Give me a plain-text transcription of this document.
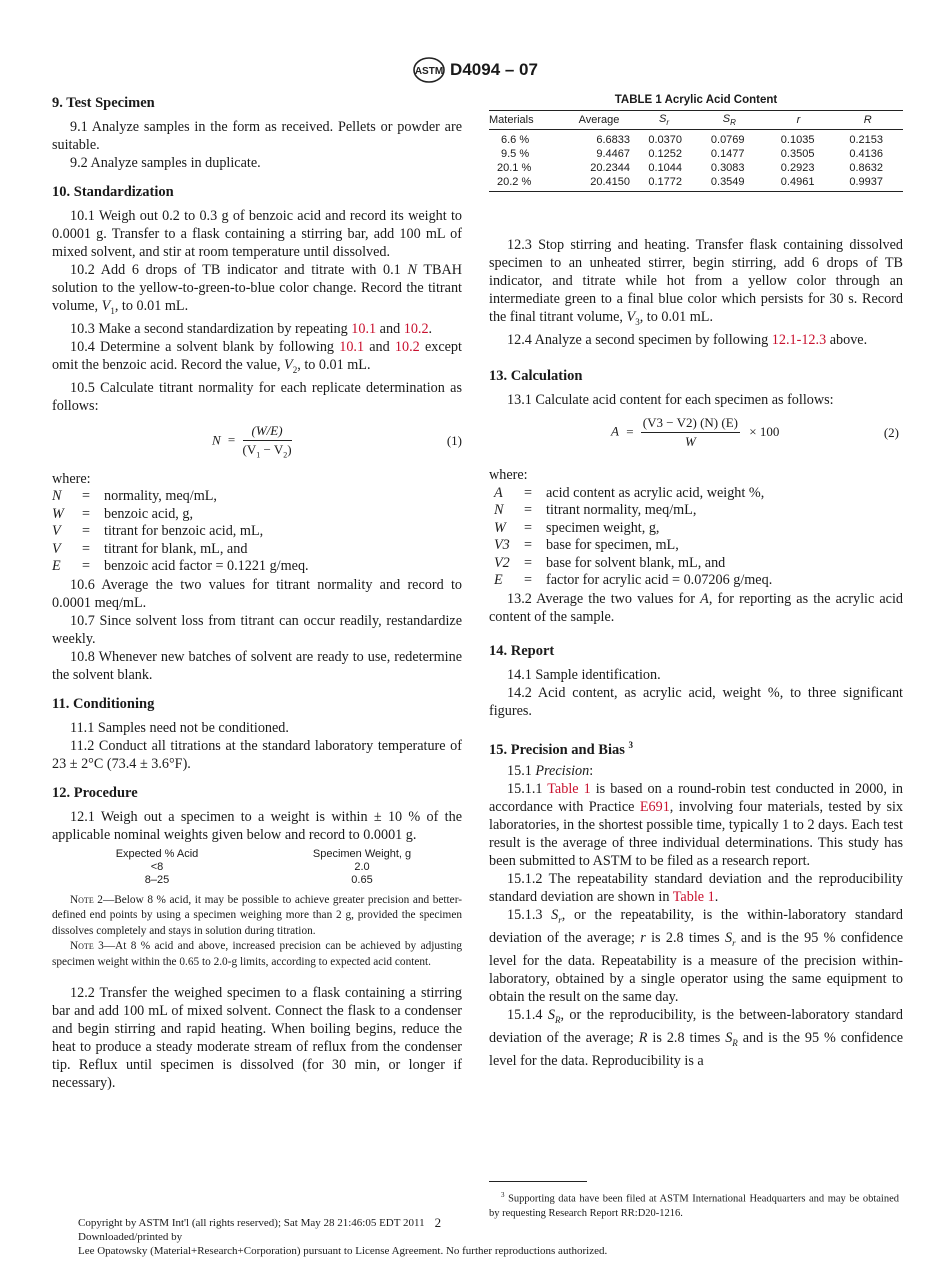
ASTM D4094 – 07

9. Test Specimen

9.1 Analyze samples in the form as received. Pellets or powder are suitable.

9.2 Analyze samples in duplicate.

10. Standardization

10.1 Weigh out 0.2 to 0.3 g of benzoic acid and record its weight to 0.0001 g. Transfer to a flask containing a stirring bar, add 100 mL of mixed solvent, and stir at room temperature until dissolved.

10.2 Add 6 drops of TB indicator and titrate with 0.1 N TBAH solution to the yellow-to-green-to-blue color change. Record the titrant volume, $V_1$, to 0.01 mL.

10.3 Make a second standardization by repeating 10.1 and 10.2.

10.4 Determine a solvent blank by following 10.1 and 10.2 except omit the benzoic acid. Record the value, $V_2$, to 0.01 mL.

10.5 Calculate titrant normality for each replicate determination as follows:

$N = \frac{(W/E)}{(V_1 - V_2)}$	(1)
where:
N	= normality, meq/mL,
W	= benzoic acid, g,
V	= titrant for benzoic acid, mL,
V	= titrant for blank, mL, and
E	= benzoic acid factor = 0.1221 g/meq.

10.6 Average the two values for titrant normality and record to 0.0001 meq/mL.

10.7 Since solvent loss from titrant can occur readily, restandardize weekly.

10.8 Whenever new batches of solvent are ready to use, redetermine the solvent blank.

11. Conditioning

11.1 Samples need not be conditioned.

11.2 Conduct all titrations at the standard laboratory temperature of 23 ± 2°C (73.4 ± 3.6°F).

12. Procedure

12.1 Weigh out a specimen to a weight is within ± 10 % of the applicable nominal weights given below and record to 0.0001 g.

Expected % Acid	Specimen Weight, g
<8	2.0
8–25	0.65

Note 2—Below 8 % acid, it may be possible to achieve greater precision and better-defined end points by using a specimen weighing more than 2 g, provided the specimen dissolves completely and stays in solution during titration.

Note 3—At 8 % acid and above, increased precision can be achieved by adjusting specimen weight within the 0.65 to 2.0-g limits, according to expected acid content.

12.2 Transfer the weighed specimen to a flask containing a stirring bar and add 100 mL of mixed solvent. Connect the flask to a condenser and begin stirring and rapid heating. When boiling begins, reduce the heat to produce a steady moderate stream of reflux from the condenser tip. Reflux until specimen is dissolved (for 30 min, or longer if necessary).

TABLE 1 Acrylic Acid Content
Materials	Average	$S_r$	$S_R$	r	R
6.6 %	6.6833	0.0370	0.0769	0.1035	0.2153
9.5 %	9.4467	0.1252	0.1477	0.3505	0.4136
20.1 %	20.2344	0.1044	0.3083	0.2923	0.8632
20.2 %	20.4150	0.1772	0.3549	0.4961	0.9937

12.3 Stop stirring and heating. Transfer flask containing dissolved specimen to an unheated stirrer, begin stirring, add 6 drops of TB indicator, and titrate while hot from a yellow color through an intermediate green to a final blue color which persists for 30 s. Record the final titrant volume, $V_3$, to 0.01 mL.

12.4 Analyze a second specimen by following 12.1-12.3 above.

13. Calculation

13.1 Calculate acid content for each specimen as follows:

$A = \frac{(V3 - V2) (N) (E)}{W} \times 100$	(2)
where:
A	= acid content as acrylic acid, weight %,
N	= titrant normality, meq/mL,
W	= specimen weight, g,
V3	= base for specimen, mL,
V2	= base for solvent blank, mL, and
E	= factor for acrylic acid = 0.07206 g/meq.

13.2 Average the two values for A, for reporting as the acrylic acid content of the sample.

14. Report

14.1 Sample identification.

14.2 Acid content, as acrylic acid, weight %, to three significant figures.

15. Precision and Bias $^3$

15.1 Precision:

15.1.1 Table 1 is based on a round-robin test conducted in 2000, in accordance with Practice E691, involving four materials, tested by six laboratories, in the shortest possible time, typically 1 to 2 days. Each test result is the average of three individual determinations. This study has been submitted to ASTM to be filed as a research report.

15.1.2 The repeatability standard deviation and the reproducibility standard deviation are shown in Table 1.

15.1.3 $S_r$, or the repeatability, is the within-laboratory standard deviation of the average; r is 2.8 times $S_r$ and is the 95 % confidence level for the data. Repeatability is a measure of the precision within-laboratory, obtained by a single operator using the same equipment to obtain the result on the same day.

15.1.4 $S_R$, or the reproducibility, is the between-laboratory standard deviation of the average; R is 2.8 times $S_R$ and is the 95 % confidence level for the data. Reproducibility is a

$^3$ Supporting data have been filed at ASTM International Headquarters and may be obtained by requesting Research Report RR:D20-1216.
Copyright by ASTM Int'l (all rights reserved); Sat May 28 21:46:05 EDT 2011 2
Downloaded/printed by
Lee Opatowsky (Material+Research+Corporation) pursuant to License Agreement. No further reproductions authorized.
